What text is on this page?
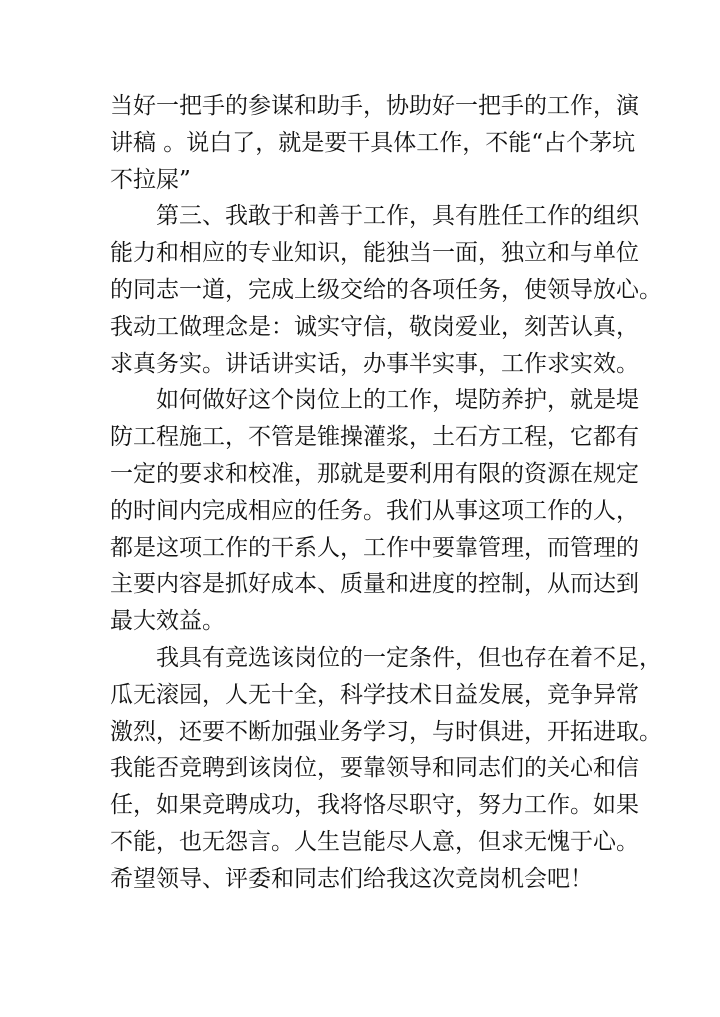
当好一把手的参谋和助手，协助好一把手的工作，演
讲稿 。说白了，就是要干具体工作，不能“占个茅坑
不拉屎”
第三、我敢于和善于工作，具有胜任工作的组织
能力和相应的专业知识，能独当一面，独立和与单位
的同志一道，完成上级交给的各项任务，使领导放心。
我动工做理念是：诚实守信，敬岗爱业，刻苦认真，
求真务实。讲话讲实话，办事半实事，工作求实效。
如何做好这个岗位上的工作，堤防养护，就是堤
防工程施工，不管是锥操灌浆，土石方工程，它都有
一定的要求和校准，那就是要利用有限的资源在规定
的时间内完成相应的任务。我们从事这项工作的人，
都是这项工作的干系人，工作中要靠管理，而管理的
主要内容是抓好成本、质量和进度的控制，从而达到
最大效益。
我具有竞选该岗位的一定条件，但也存在着不足，
瓜无滚园，人无十全，科学技术日益发展，竞争异常
激烈，还要不断加强业务学习，与时俱进，开拓进取。
我能否竞聘到该岗位，要靠领导和同志们的关心和信
任，如果竞聘成功，我将恪尽职守，努力工作。如果
不能，也无怨言。人生岂能尽人意，但求无愧于心。
希望领导、评委和同志们给我这次竞岗机会吧！
